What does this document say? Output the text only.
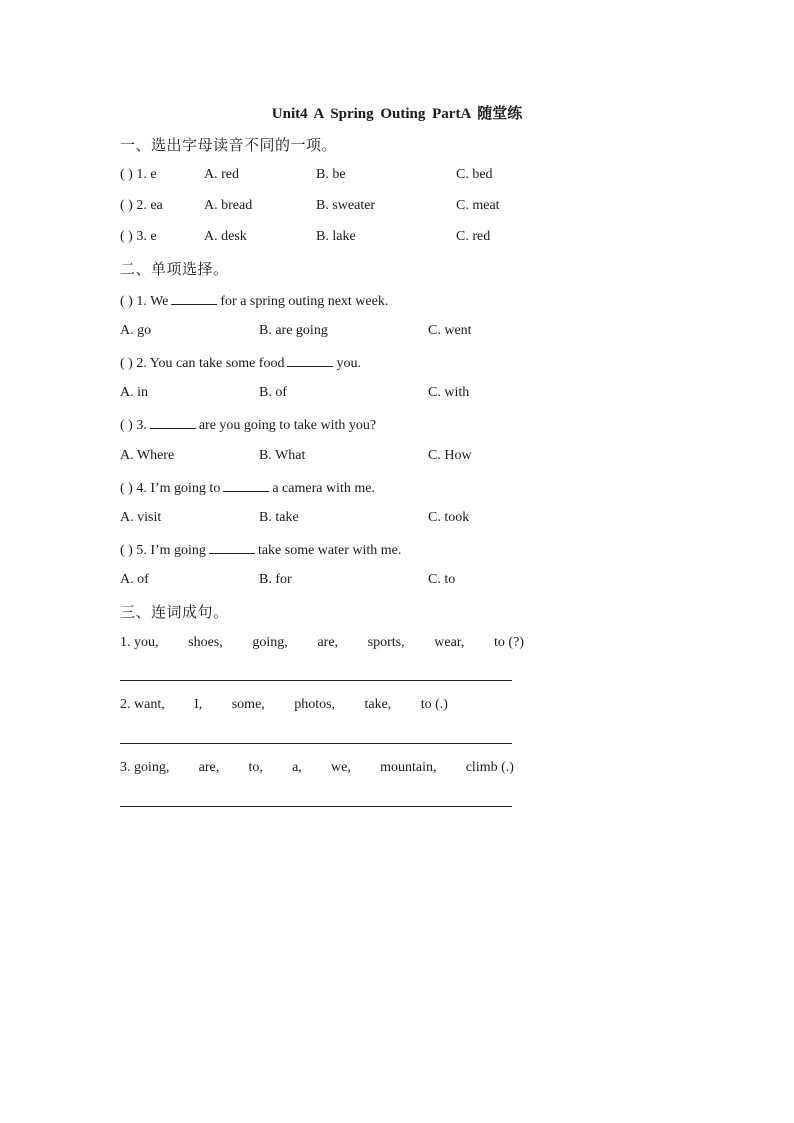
Unit4 A Spring Outing PartA 随堂练
一、选出字母读音不同的一项。
( ) 1. e	A. red	B. be	C. bed
( ) 2. ea	A. bread	B. sweater	C. meat
( ) 3. e	A. desk	B. lake	C. red
二、单项选择。
( ) 1. We	for a spring outing next week.
A. go	B. are going	C. went
( ) 2. You can take some food	you.
A. in	B. of	C. with
( ) 3.	are you going to take with you?
A. Where	B. What	C. How
( ) 4. I’m going to	a camera with me.
A. visit	B. take	C. took
( ) 5. I’m going	take some water with me.
A. of	B. for	C. to
三、连词成句。
1. you, shoes, going, are, sports, wear, to (?)
2. want, I, some, photos, take, to (.)
3. going, are, to, a, we, mountain, climb (.)
